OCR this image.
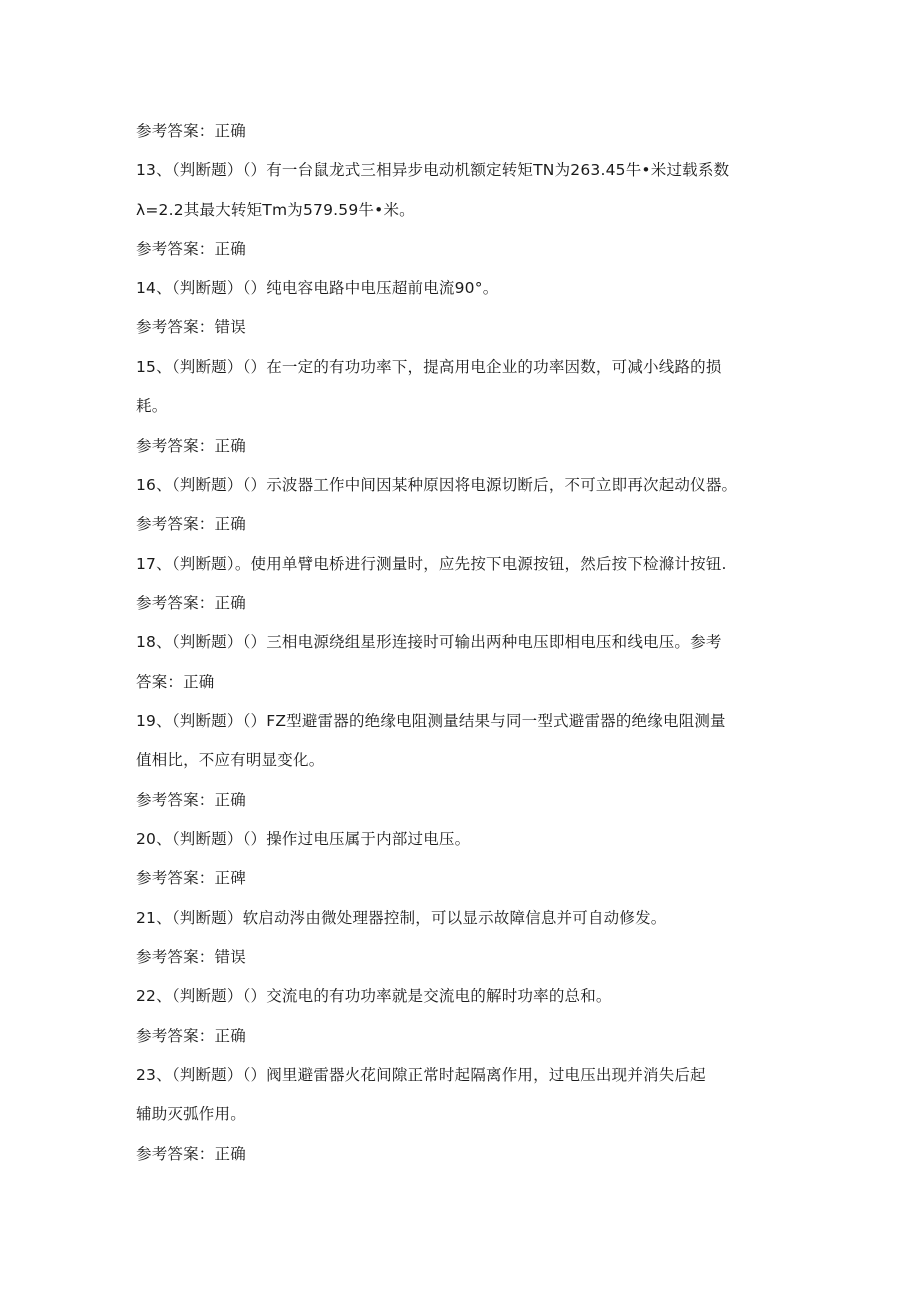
参考答案：正确
13、（判断题）（）有一台鼠龙式三相异步电动机额定转矩TN为263.45牛•米过载系数
λ=2.2其最大转矩Tm为579.59牛•米。
参考答案：正确
14、（判断题）（）纯电容电路中电压超前电流90°。
参考答案：错误
15、（判断题）（）在一定的有功功率下，提高用电企业的功率因数，可减小线路的损
耗。
参考答案：正确
16、（判断题）（）示波器工作中间因某种原因将电源切断后，不可立即再次起动仪器。
参考答案：正确
17、（判断题）。使用单臂电桥进行测量时，应先按下电源按钮，然后按下检滌计按钮.
参考答案：正确
18、（判断题）（）三相电源绕组星形连接时可输出两种电压即相电压和线电压。参考
答案：正确
19、（判断题）（）FZ型避雷器的绝缘电阻测量结果与同一型式避雷器的绝缘电阻测量
值相比，不应有明显变化。
参考答案：正确
20、（判断题）（）操作过电压属于内部过电压。
参考答案：正碑
21、（判断题）软启动涔由微处理器控制，可以显示故障信息并可自动修发。
参考答案：错误
22、（判断题）（）交流电的有功功率就是交流电的解时功率的总和。
参考答案：正确
23、（判断题）（）阀里避雷器火花间隙正常时起隔离作用，过电压出现并消失后起
辅助灭弧作用。
参考答案：正确
